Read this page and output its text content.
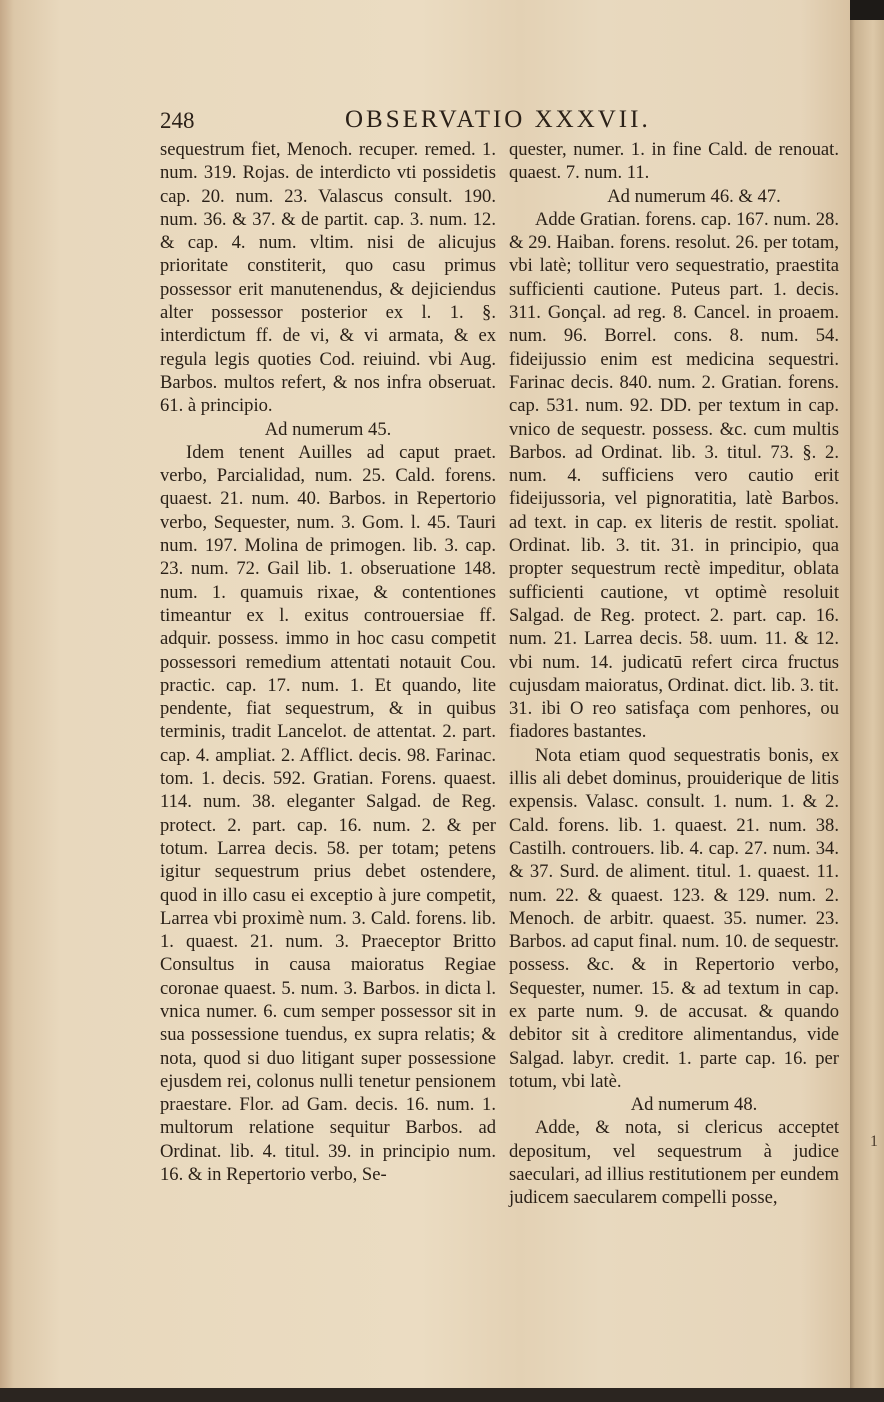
248	OBSERVATIO XXXVII.

sequestrum fiet, Menoch. recuper. remed. 1. num. 319. Rojas. de interdicto vti possidetis cap. 20. num. 23. Valascus consult. 190. num. 36. & 37. & de partit. cap. 3. num. 12. & cap. 4. num. vltim. nisi de alicujus prioritate constiterit, quo casu primus possessor erit manutenendus, & dejiciendus alter possessor posterior ex l. 1. §. interdictum ff. de vi, & vi armata, & ex regula legis quoties Cod. reiuind. vbi Aug. Barbos. multos refert, & nos infra obseruat. 61. à principio.

Ad numerum 45.

Idem tenent Auilles ad caput praet. verbo, Parcialidad, num. 25. Cald. forens. quaest. 21. num. 40. Barbos. in Repertorio verbo, Sequester, num. 3. Gom. l. 45. Tauri num. 197. Molina de primogen. lib. 3. cap. 23. num. 72. Gail lib. 1. obseruatione 148. num. 1. quamuis rixae, & contentiones timeantur ex l. exitus controuersiae ff. adquir. possess. immo in hoc casu competit possessori remedium attentati notauit Cou. practic. cap. 17. num. 1. Et quando, lite pendente, fiat sequestrum, & in quibus terminis, tradit Lancelot. de attentat. 2. part. cap. 4. ampliat. 2. Afflict. decis. 98. Farinac. tom. 1. decis. 592. Gratian. Forens. quaest. 114. num. 38. eleganter Salgad. de Reg. protect. 2. part. cap. 16. num. 2. & per totum. Larrea decis. 58. per totam; petens igitur sequestrum prius debet ostendere, quod in illo casu ei exceptio à jure competit, Larrea vbi proximè num. 3. Cald. forens. lib. 1. quaest. 21. num. 3. Praeceptor Britto Consultus in causa maioratus Regiae coronae quaest. 5. num. 3. Barbos. in dicta l. vnica numer. 6. cum semper possessor sit in sua possessione tuendus, ex supra relatis; & nota, quod si duo litigant super possessione ejusdem rei, colonus nulli tenetur pensionem praestare. Flor. ad Gam. decis. 16. num. 1. multorum relatione sequitur Barbos. ad Ordinat. lib. 4. titul. 39. in principio num. 16. & in Repertorio verbo, Se-

quester, numer. 1. in fine Cald. de renouat. quaest. 7. num. 11.

Ad numerum 46. & 47.

Adde Gratian. forens. cap. 167. num. 28. & 29. Haiban. forens. resolut. 26. per totam, vbi latè; tollitur vero sequestratio, praestita sufficienti cautione. Puteus part. 1. decis. 311. Gonçal. ad reg. 8. Cancel. in proaem. num. 96. Borrel. cons. 8. num. 54. fideijussio enim est medicina sequestri. Farinac decis. 840. num. 2. Gratian. forens. cap. 531. num. 92. DD. per textum in cap. vnico de sequestr. possess. &c. cum multis Barbos. ad Ordinat. lib. 3. titul. 73. §. 2. num. 4. sufficiens vero cautio erit fideijussoria, vel pignoratitia, latè Barbos. ad text. in cap. ex literis de restit. spoliat. Ordinat. lib. 3. tit. 31. in principio, qua propter sequestrum rectè impeditur, oblata sufficienti cautione, vt optimè resoluit Salgad. de Reg. protect. 2. part. cap. 16. num. 21. Larrea decis. 58. uum. 11. & 12. vbi num. 14. judicatū refert circa fructus cujusdam maioratus, Ordinat. dict. lib. 3. tit. 31. ibi O reo satisfaça com penhores, ou fiadores bastantes.

Nota etiam quod sequestratis bonis, ex illis ali debet dominus, prouiderique de litis expensis. Valasc. consult. 1. num. 1. & 2. Cald. forens. lib. 1. quaest. 21. num. 38. Castilh. controuers. lib. 4. cap. 27. num. 34. & 37. Surd. de aliment. titul. 1. quaest. 11. num. 22. & quaest. 123. & 129. num. 2. Menoch. de arbitr. quaest. 35. numer. 23. Barbos. ad caput final. num. 10. de sequestr. possess. &c. & in Repertorio verbo, Sequester, numer. 15. & ad textum in cap. ex parte num. 9. de accusat. & quando debitor sit à creditore alimentandus, vide Salgad. labyr. credit. 1. parte cap. 16. per totum, vbi latè.

Ad numerum 48.

Adde, & nota, si clericus acceptet depositum, vel sequestrum à judice saeculari, ad illius restitutionem per eundem judicem saecularem compelli posse,

1
